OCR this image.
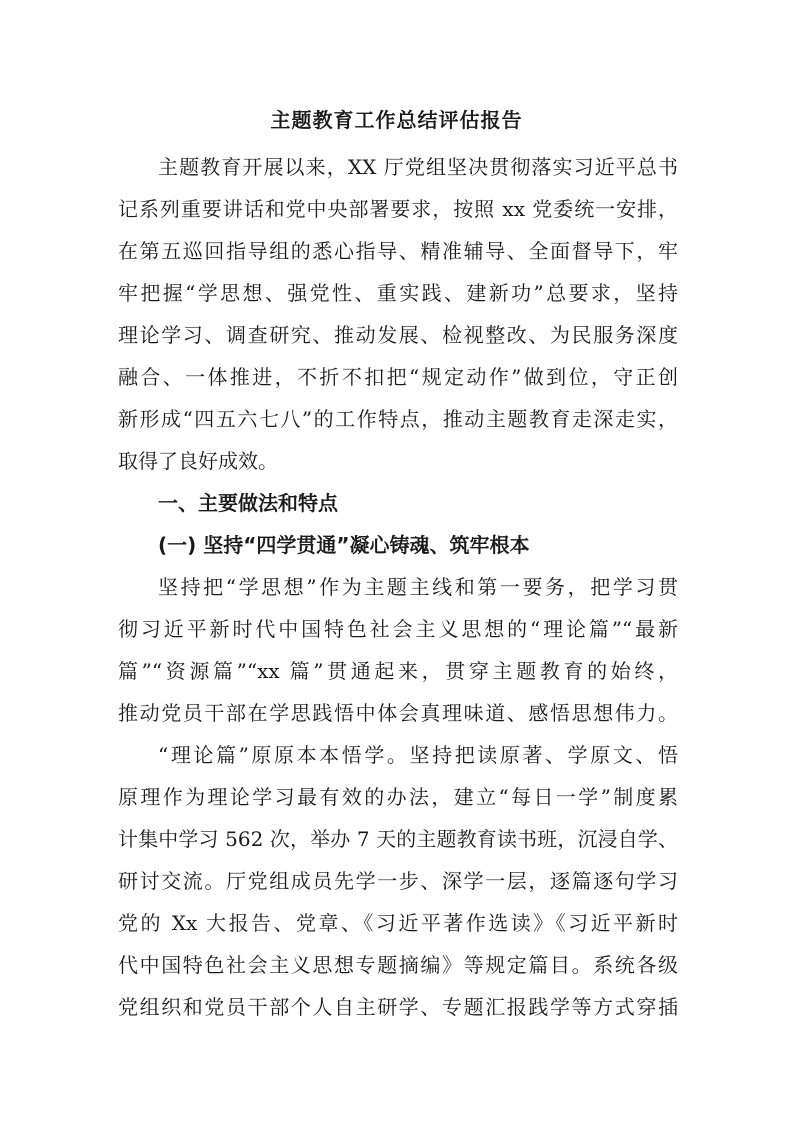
主题教育工作总结评估报告
主题教育开展以来，XX 厅党组坚决贯彻落实习近平总书
记系列重要讲话和党中央部署要求，按照 xx 党委统一安排，
在第五巡回指导组的悉心指导、精准辅导、全面督导下，牢
牢把握“学思想、强党性、重实践、建新功”总要求，坚持
理论学习、调查研究、推动发展、检视整改、为民服务深度
融合、一体推进，不折不扣把“规定动作”做到位，守正创
新形成“四五六七八”的工作特点，推动主题教育走深走实，
取得了良好成效。
一、主要做法和特点
(一) 坚持“四学贯通”凝心铸魂、筑牢根本
坚持把“学思想”作为主题主线和第一要务，把学习贯
彻习近平新时代中国特色社会主义思想的“理论篇”“最新
篇”“资源篇”“xx 篇”贯通起来，贯穿主题教育的始终，
推动党员干部在学思践悟中体会真理味道、感悟思想伟力。
“理论篇”原原本本悟学。坚持把读原著、学原文、悟
原理作为理论学习最有效的办法，建立“每日一学”制度累
计集中学习 562 次，举办 7 天的主题教育读书班，沉浸自学、
研讨交流。厅党组成员先学一步、深学一层，逐篇逐句学习
党的 Xx 大报告、党章、《习近平著作选读》《习近平新时
代中国特色社会主义思想专题摘编》等规定篇目。系统各级
党组织和党员干部个人自主研学、专题汇报践学等方式穿插
